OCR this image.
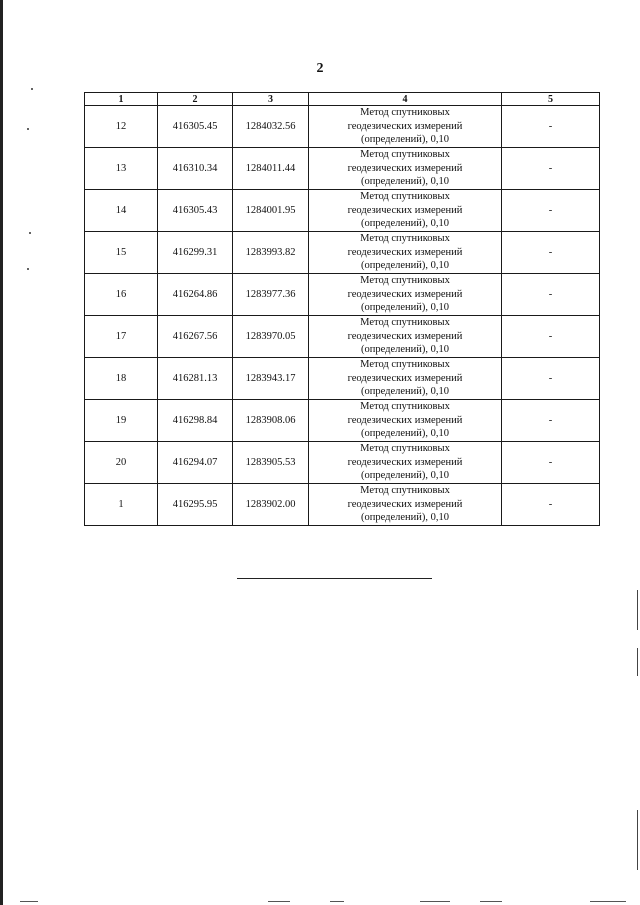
2
1	2	3	4	5
12	416305.45	1284032.56	Метод спутниковых
геодезических измерений
(определений), 0,10	-
13	416310.34	1284011.44	Метод спутниковых
геодезических измерений
(определений), 0,10	-
14	416305.43	1284001.95	Метод спутниковых
геодезических измерений
(определений), 0,10	-
15	416299.31	1283993.82	Метод спутниковых
геодезических измерений
(определений), 0,10	-
16	416264.86	1283977.36	Метод спутниковых
геодезических измерений
(определений), 0,10	-
17	416267.56	1283970.05	Метод спутниковых
геодезических измерений
(определений), 0,10	-
18	416281.13	1283943.17	Метод спутниковых
геодезических измерений
(определений), 0,10	-
19	416298.84	1283908.06	Метод спутниковых
геодезических измерений
(определений), 0,10	-
20	416294.07	1283905.53	Метод спутниковых
геодезических измерений
(определений), 0,10	-
1	416295.95	1283902.00	Метод спутниковых
геодезических измерений
(определений), 0,10	-
